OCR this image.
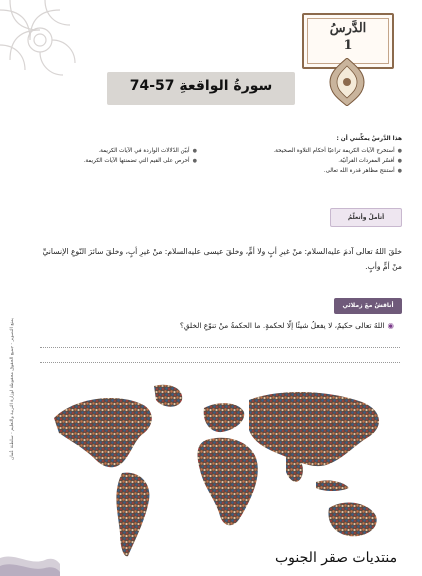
يمنع التصوير - جميع الحقوق محفوظة لوزارة التربية والتعليم - سلطنة عُمان
الدَّرسُ
1
سورةُ الواقعةِ 57-74
هذا الدَّرسُ يمكِّنني أن :
● أستخرج الآيات الكريمة تراعيًا أحكام التلاوة الصحيحة.
● أفسّر المفردات القرآنيّة.
● أستنتج مظاهر قدرة الله تعالى.
● أبيّن الدّلالات الواردة في الآيات الكريمة.
● أحرص على القيم التي تضمنتها الآيات الكريمة.
أتأملُ وأتعلّمُ
خلقَ اللهُ تعالى آدمَ عليه‌السلام: منْ غيرِ أبٍ ولا أمٍّ، وخلقَ عيسى عليه‌السلام: منْ غيرِ أبٍ، وخلقَ سائرَ النّوعِ الإنسانيِّ منْ أمٍّ وأبٍ.
أناقشُ معَ زملائي
◉اللهُ تعالى حكيمٌ، لا يفعلُ شيئًا إلّا لحكمةٍ. ما الحكمةُ منْ تنوّعِ الخلقِ؟
منتديات صقر الجنوب
